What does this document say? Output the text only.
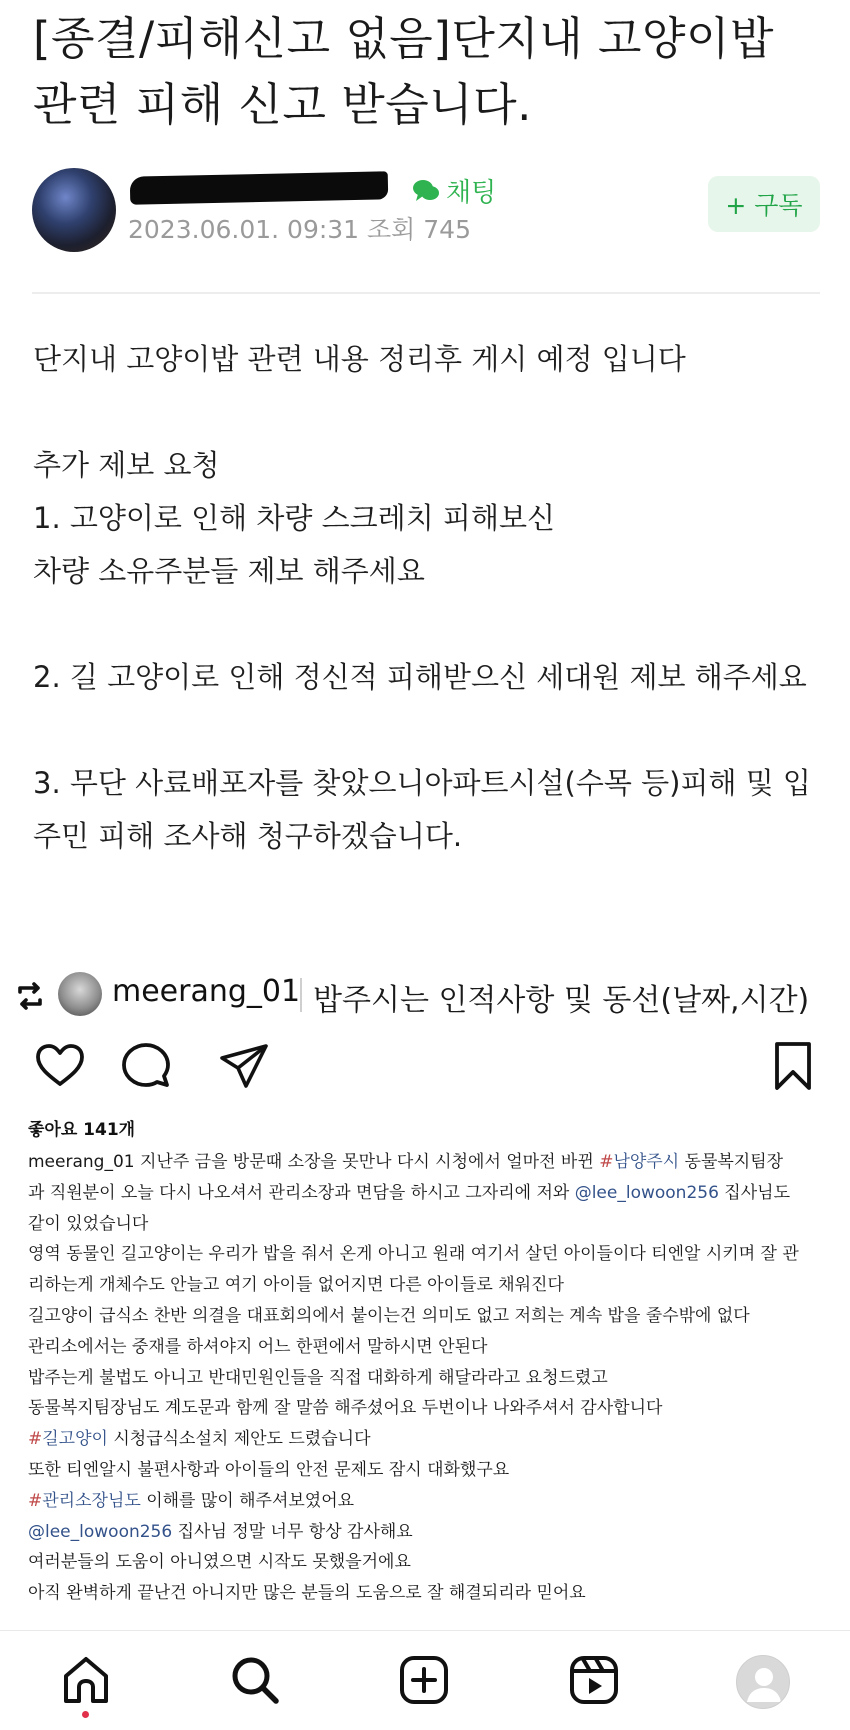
[종결/피해신고 없음]단지내 고양이밥 관련 피해 신고 받습니다.
채팅
2023.06.01. 09:31 조회 745
+ 구독

단지내 고양이밥 관련 내용 정리후 게시 예정 입니다

추가 제보 요청

1. 고양이로 인해 차량 스크레치 피해보신

차량 소유주분들 제보 해주세요

2. 길 고양이로 인해 정신적 피해받으신 세대원 제보 해주세요

3. 무단 사료배포자를 찾았으니아파트시설(수목 등)피해 및 입주민 피해 조사해 청구하겠습니다.

meerang_01 밥주시는 인적사항 및 동선(날짜,시간)
좋아요 141개

meerang_01 지난주 금을 방문때 소장을 못만나 다시 시청에서 얼마전 바뀐 #남양주시 동물복지팀장

과 직원분이 오늘 다시 나오셔서 관리소장과 면담을 하시고 그자리에 저와 @lee_lowoon256 집사님도

같이 있었습니다

영역 동물인 길고양이는 우리가 밥을 줘서 온게 아니고 원래 여기서 살던 아이들이다 티엔알 시키며 잘 관

리하는게 개체수도 안늘고 여기 아이들 없어지면 다른 아이들로 채워진다

길고양이 급식소 찬반 의결을 대표회의에서 붙이는건 의미도 없고 저희는 계속 밥을 줄수밖에 없다

관리소에서는 중재를 하셔야지 어느 한편에서 말하시면 안된다

밥주는게 불법도 아니고 반대민원인들을 직접 대화하게 해달라라고 요청드렸고

동물복지팀장님도 계도문과 함께 잘 말씀 해주셨어요 두번이나 나와주셔서 감사합니다

#길고양이 시청급식소설치 제안도 드렸습니다

또한 티엔알시 불편사항과 아이들의 안전 문제도 잠시 대화했구요

#관리소장님도 이해를 많이 해주셔보였어요

@lee_lowoon256 집사님 정말 너무 항상 감사해요

여러분들의 도움이 아니였으면 시작도 못했을거에요

아직 완벽하게 끝난건 아니지만 많은 분들의 도움으로 잘 해결되리라 믿어요
